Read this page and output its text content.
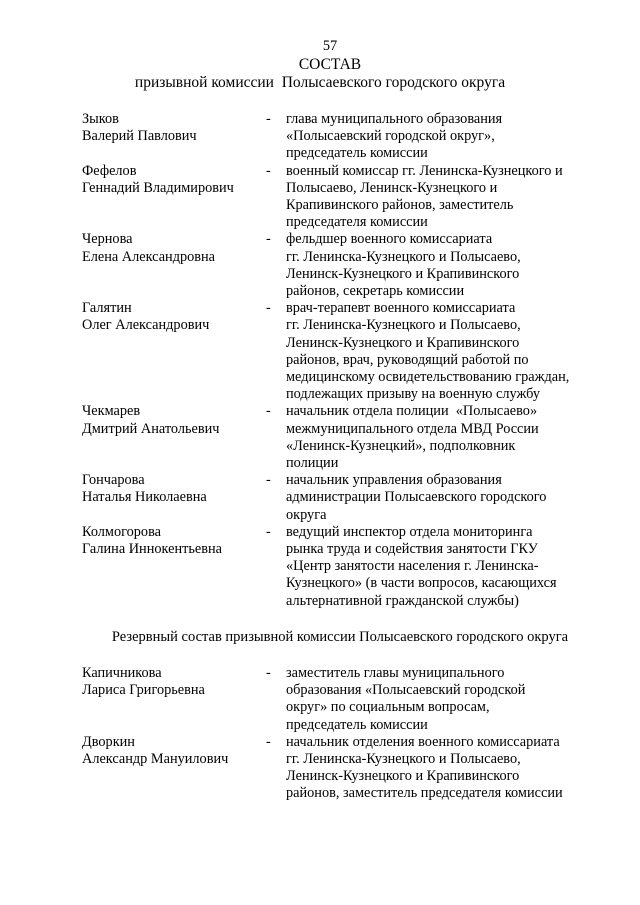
57
СОСТАВ
призывной комиссии  Полысаевского городского округа
Зыков
Валерий Павлович
-	глава муниципального образования
«Полысаевский городской округ»,
председатель комиссии
Фефелов
Геннадий Владимирович
-	военный комиссар гг. Ленинска-Кузнецкого и
Полысаево, Ленинск-Кузнецкого и
Крапивинского районов, заместитель
председателя комиссии
Чернова
Елена Александровна
-	фельдшер военного комиссариата
гг. Ленинска-Кузнецкого и Полысаево,
Ленинск-Кузнецкого и Крапивинского
районов, секретарь комиссии
Галятин
Олег Александрович
-	врач-терапевт военного комиссариата
гг. Ленинска-Кузнецкого и Полысаево,
Ленинск-Кузнецкого и Крапивинского
районов, врач, руководящий работой по
медицинскому освидетельствованию граждан,
подлежащих призыву на военную службу
Чекмарев
Дмитрий Анатольевич
-	начальник отдела полиции  «Полысаево»
межмуниципального отдела МВД России
«Ленинск-Кузнецкий», подполковник
полиции
Гончарова
Наталья Николаевна
-	начальник управления образования
администрации Полысаевского городского
округа
Колмогорова
Галина Иннокентьевна
-	ведущий инспектор отдела мониторинга
рынка труда и содействия занятости ГКУ
«Центр занятости населения г. Ленинска-
Кузнецкого» (в части вопросов, касающихся
альтернативной гражданской службы)
Резервный состав призывной комиссии Полысаевского городского округа
Капичникова
Лариса Григорьевна
-	заместитель главы муниципального
образования «Полысаевский городской
округ» по социальным вопросам,
председатель комиссии
Дворкин
Александр Мануилович
-	начальник отделения военного комиссариата
гг. Ленинска-Кузнецкого и Полысаево,
Ленинск-Кузнецкого и Крапивинского
районов, заместитель председателя комиссии
